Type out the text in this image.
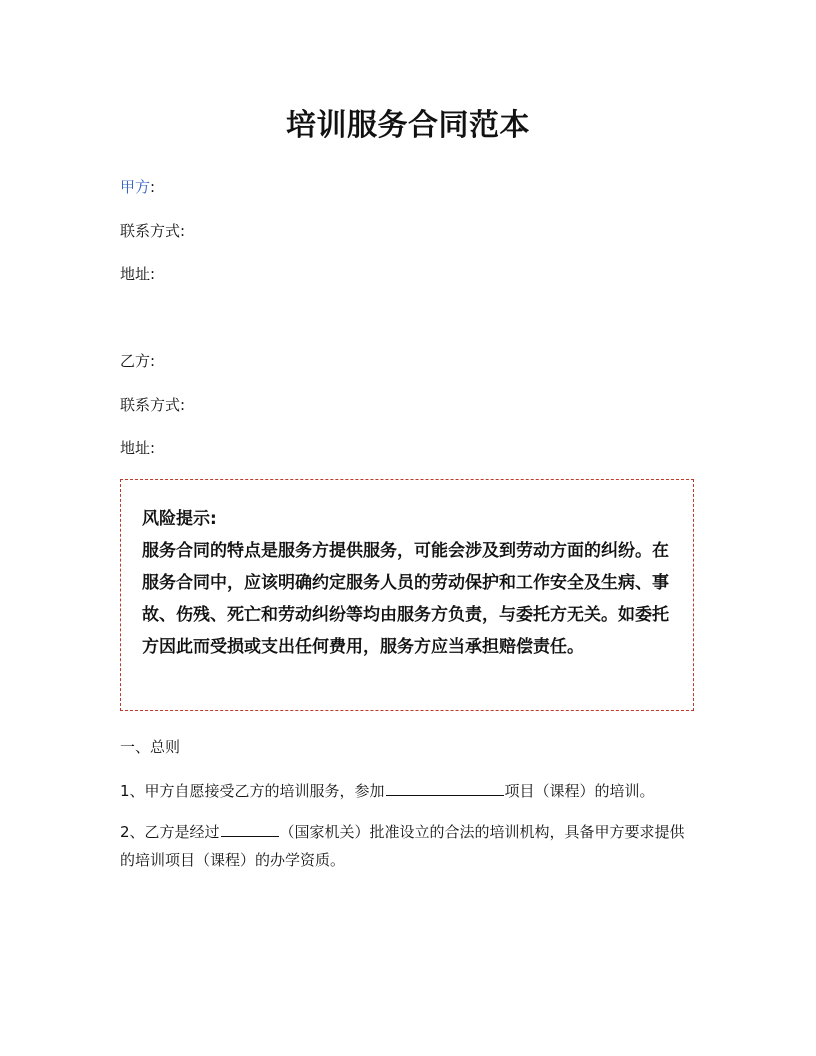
培训服务合同范本
甲方:
联系方式:
地址:
乙方:
联系方式:
地址:
风险提示:
服务合同的特点是服务方提供服务，可能会涉及到劳动方面的纠纷。在服务合同中，应该明确约定服务人员的劳动保护和工作安全及生病、事故、伤残、死亡和劳动纠纷等均由服务方负责，与委托方无关。如委托方因此而受损或支出任何费用，服务方应当承担赔偿责任。
一、总则
1、甲方自愿接受乙方的培训服务，参加	项目（课程）的培训。
2、乙方是经过	（国家机关）批准设立的合法的培训机构，具备甲方要求提供的培训项目（课程）的办学资质。
